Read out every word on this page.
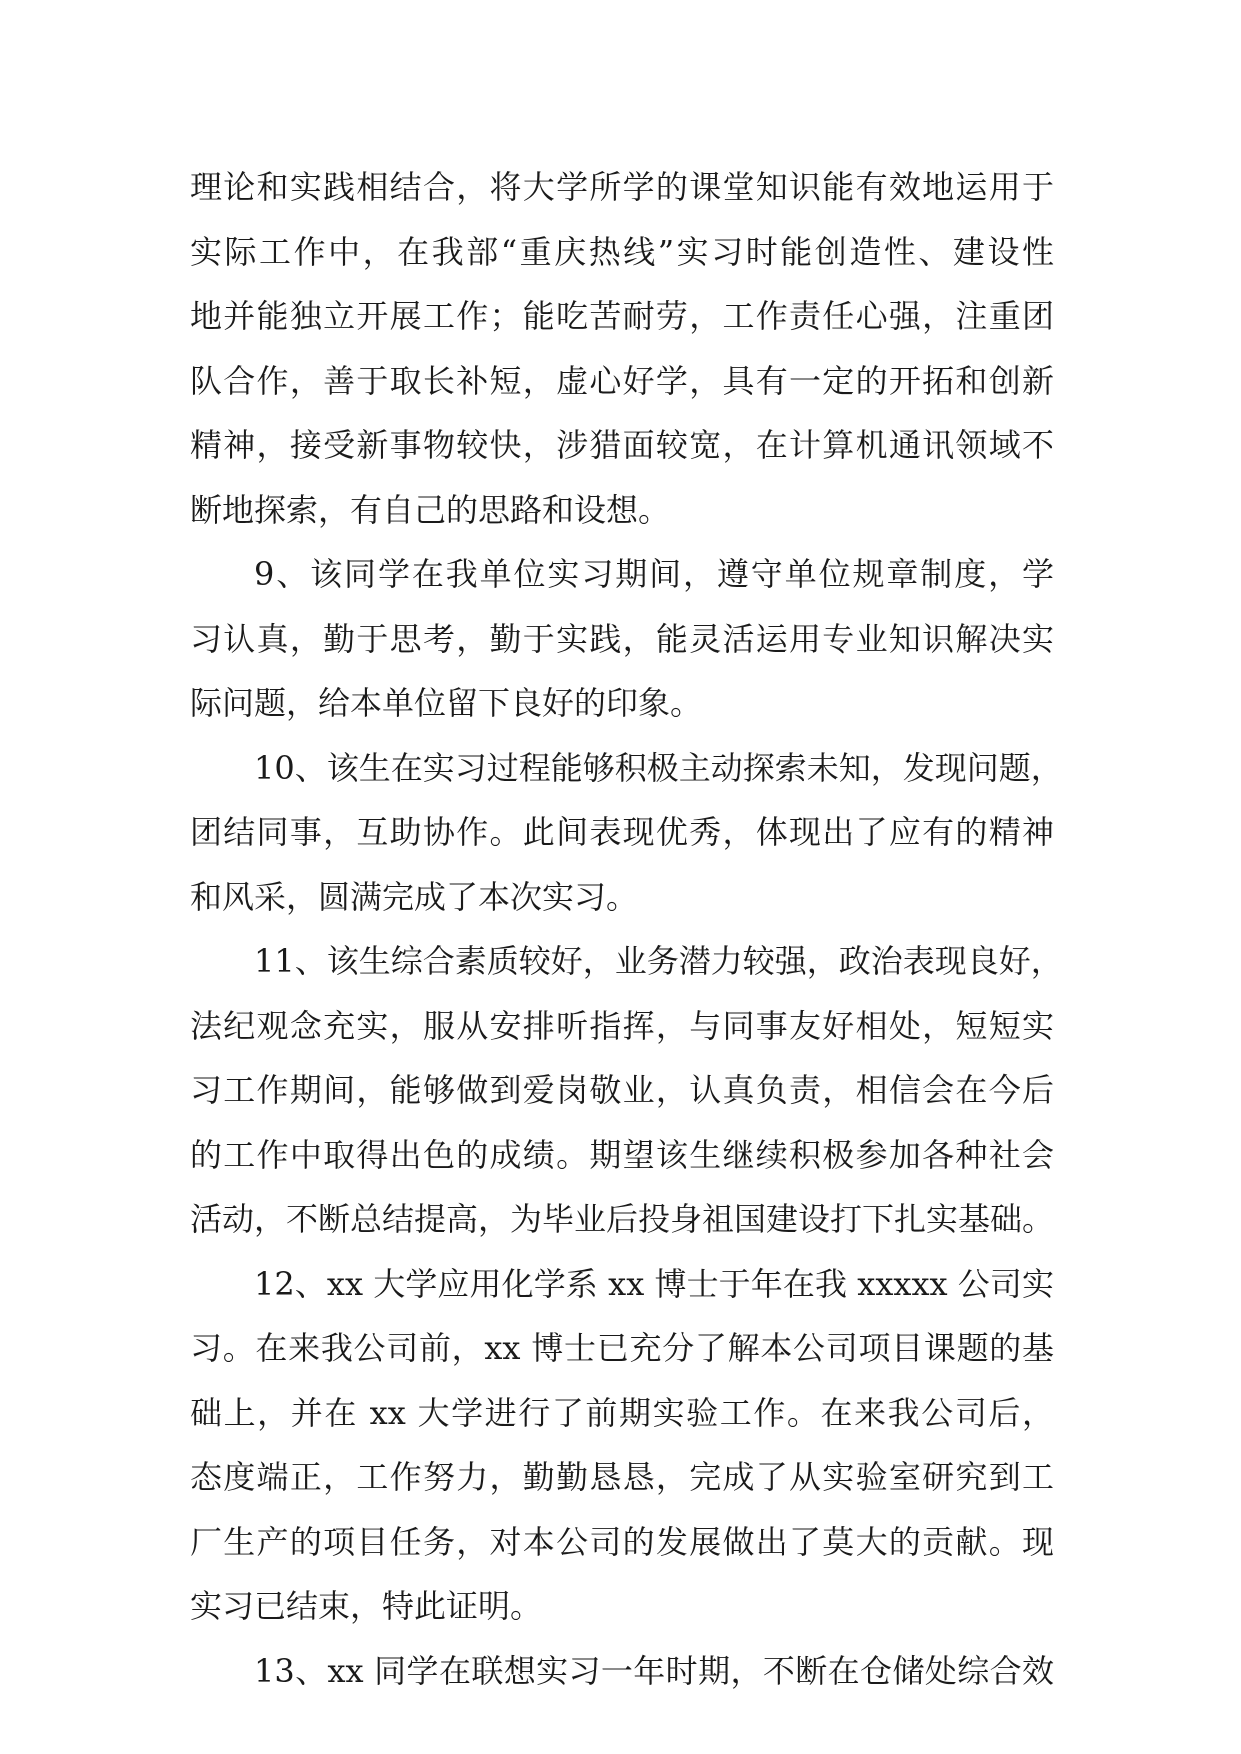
理论和实践相结合，将大学所学的课堂知识能有效地运用于
实际工作中，在我部“重庆热线”实习时能创造性、建设性
地并能独立开展工作；能吃苦耐劳，工作责任心强，注重团
队合作，善于取长补短，虚心好学，具有一定的开拓和创新
精神，接受新事物较快，涉猎面较宽，在计算机通讯领域不
断地探索，有自己的思路和设想。
9、该同学在我单位实习期间，遵守单位规章制度，学
习认真，勤于思考，勤于实践，能灵活运用专业知识解决实
际问题，给本单位留下良好的印象。
10、该生在实习过程能够积极主动探索未知，发现问题，
团结同事，互助协作。此间表现优秀，体现出了应有的精神
和风采，圆满完成了本次实习。
11、该生综合素质较好，业务潜力较强，政治表现良好，
法纪观念充实，服从安排听指挥，与同事友好相处，短短实
习工作期间，能够做到爱岗敬业，认真负责，相信会在今后
的工作中取得出色的成绩。期望该生继续积极参加各种社会
活动，不断总结提高，为毕业后投身祖国建设打下扎实基础。
12、xx 大学应用化学系 xx 博士于年在我 xxxxx 公司实
习。在来我公司前，xx 博士已充分了解本公司项目课题的基
础上，并在 xx 大学进行了前期实验工作。在来我公司后，
态度端正，工作努力，勤勤恳恳，完成了从实验室研究到工
厂生产的项目任务，对本公司的发展做出了莫大的贡献。现
实习已结束，特此证明。
13、xx 同学在联想实习一年时期，不断在仓储处综合效
